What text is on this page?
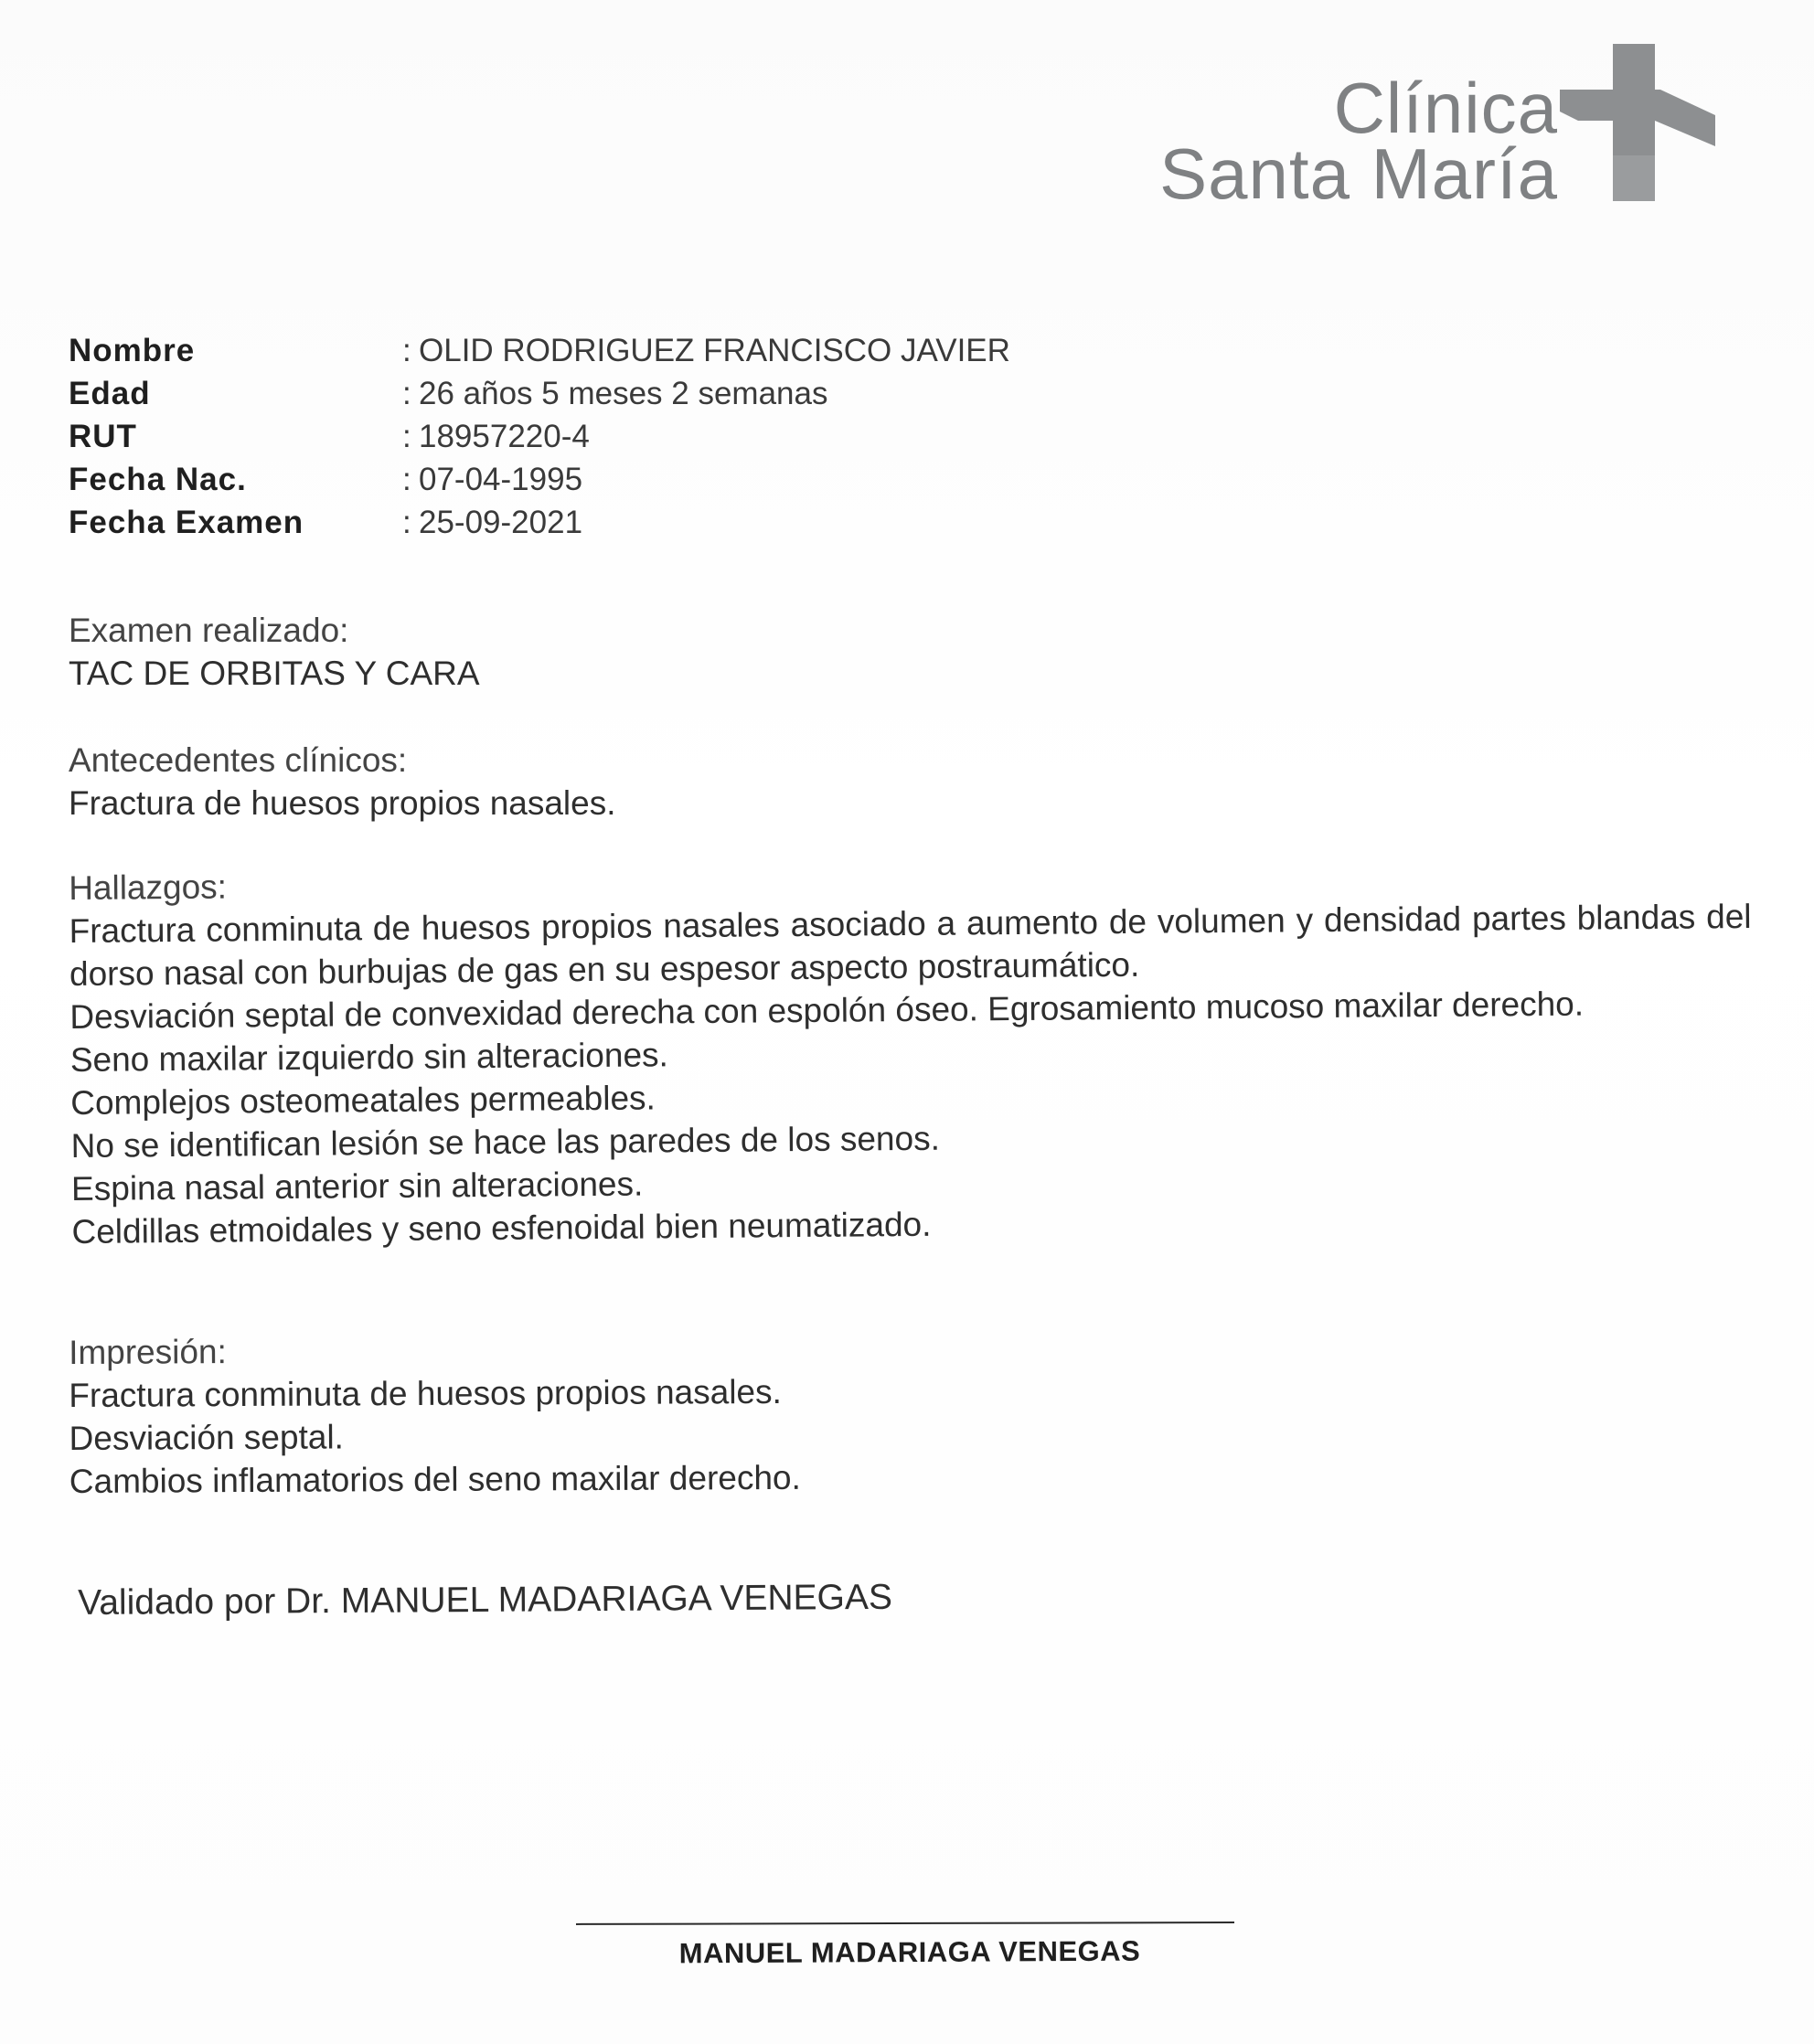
Clínica
Santa María
Nombre	: OLID RODRIGUEZ FRANCISCO JAVIER
Edad	: 26 años 5 meses 2 semanas
RUT	: 18957220-4
Fecha Nac.	: 07-04-1995
Fecha Examen	: 25-09-2021

Examen realizado:

TAC DE ORBITAS Y CARA

Antecedentes clínicos:

Fractura de huesos propios nasales.

Hallazgos:

Fractura conminuta de huesos propios nasales asociado a aumento de volumen y densidad partes blandas del dorso nasal con burbujas de gas en su espesor aspecto postraumático.

Desviación septal de convexidad derecha con espolón óseo. Egrosamiento mucoso maxilar derecho.

Seno maxilar izquierdo sin alteraciones.

Complejos osteomeatales permeables.

No se identifican lesión se hace las paredes de los senos.

Espina nasal anterior sin alteraciones.

Celdillas etmoidales y seno esfenoidal bien neumatizado.

Impresión:

Fractura conminuta de huesos propios nasales.

Desviación septal.

Cambios inflamatorios del seno maxilar derecho.

Validado por Dr. MANUEL MADARIAGA VENEGAS
MANUEL MADARIAGA VENEGAS
